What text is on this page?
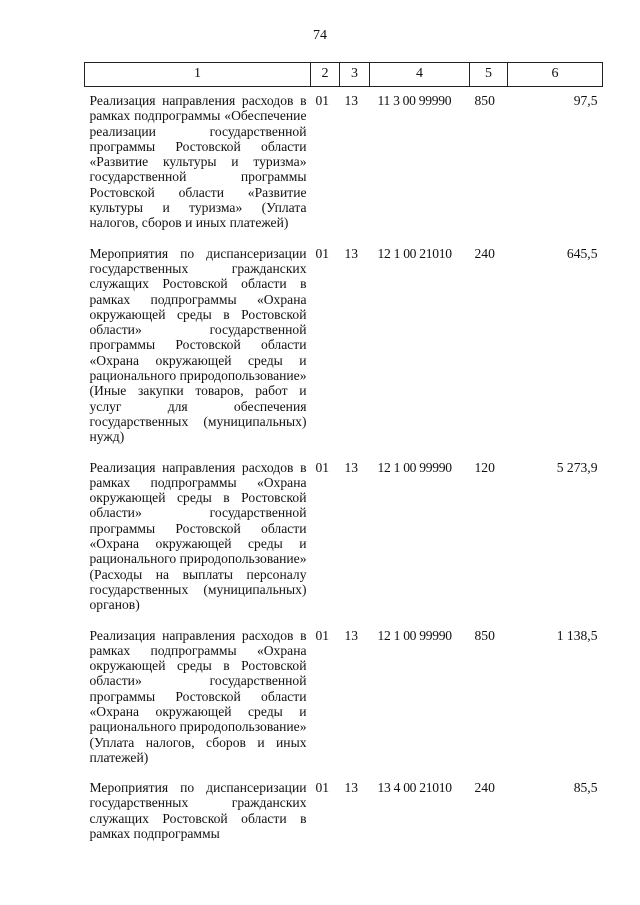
74
1	2	3	4	5	6
Реализация направления расходов в рамках подпрограммы «Обеспечение реализации государственной программы Ростовской области «Развитие культуры и туризма» государственной программы Ростовской области «Развитие культуры и туризма» (Уплата налогов, сборов и иных платежей)	01	13	11 3 00 99990	850	97,5
Мероприятия по диспансеризации государственных гражданских служащих Ростовской области в рамках подпрограммы «Охрана окружающей среды в Ростовской области» государственной программы Ростовской области «Охрана окружающей среды и рационального природопользование» (Иные закупки товаров, работ и услуг для обеспечения государственных (муниципальных) нужд)	01	13	12 1 00 21010	240	645,5
Реализация направления расходов в рамках подпрограммы «Охрана окружающей среды в Ростовской области» государственной программы Ростовской области «Охрана окружающей среды и рационального природопользование» (Расходы на выплаты персоналу государственных (муниципальных) органов)	01	13	12 1 00 99990	120	5 273,9
Реализация направления расходов в рамках подпрограммы «Охрана окружающей среды в Ростовской области» государственной программы Ростовской области «Охрана окружающей среды и рационального природопользование» (Уплата налогов, сборов и иных платежей)	01	13	12 1 00 99990	850	1 138,5
Мероприятия по диспансеризации государственных гражданских служащих Ростовской области в рамках подпрограммы	01	13	13 4 00 21010	240	85,5
